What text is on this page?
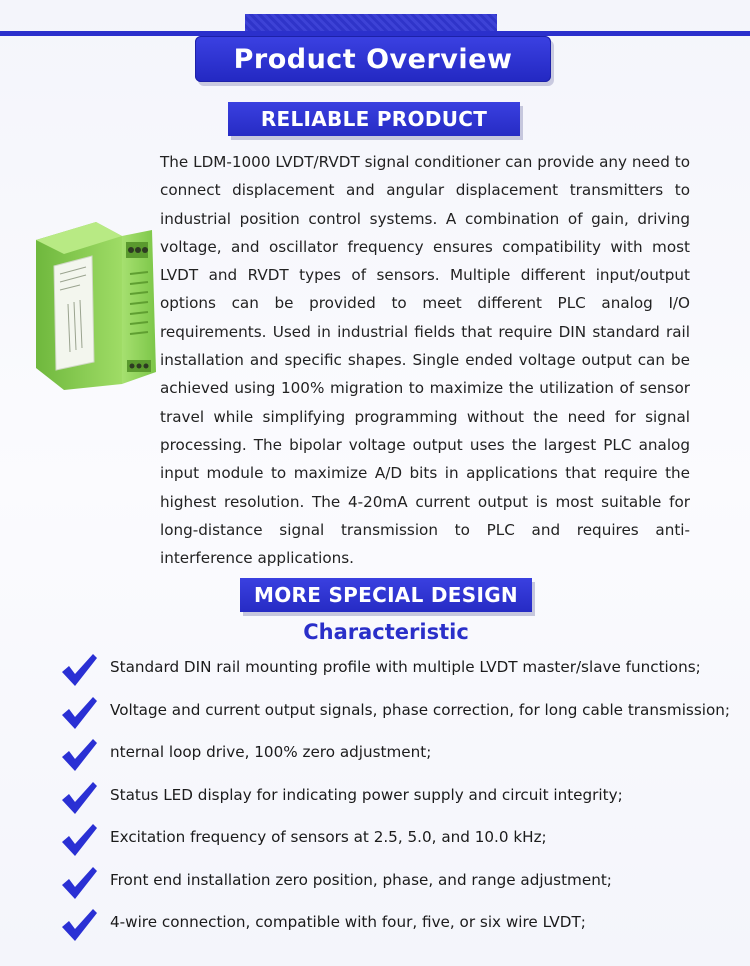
Product Overview
RELIABLE PRODUCT
The LDM-1000 LVDT/RVDT signal conditioner can provide any need to connect displacement and angular displacement transmitters to industrial position control systems. A combination of gain, driving voltage, and oscillator frequency ensures compatibility with most LVDT and RVDT types of sensors. Multiple different input/output options can be provided to meet different PLC analog I/O requirements. Used in industrial fields that require DIN standard rail installation and specific shapes. Single ended voltage output can be achieved using 100% migration to maximize the utilization of sensor travel while simplifying programming without the need for signal processing. The bipolar voltage output uses the largest PLC analog input module to maximize A/D bits in applications that require the highest resolution. The 4-20mA current output is most suitable for long-distance signal transmission to PLC and requires anti-interference applications.
MORE SPECIAL DESIGN
Characteristic
Standard DIN rail mounting profile with multiple LVDT master/slave functions;
Voltage and current output signals, phase correction, for long cable transmission;
nternal loop drive, 100% zero adjustment;
Status LED display for indicating power supply and circuit integrity;
Excitation frequency of sensors at 2.5, 5.0, and 10.0 kHz;
Front end installation zero position, phase, and range adjustment;
4-wire connection, compatible with four, five, or six wire LVDT;
